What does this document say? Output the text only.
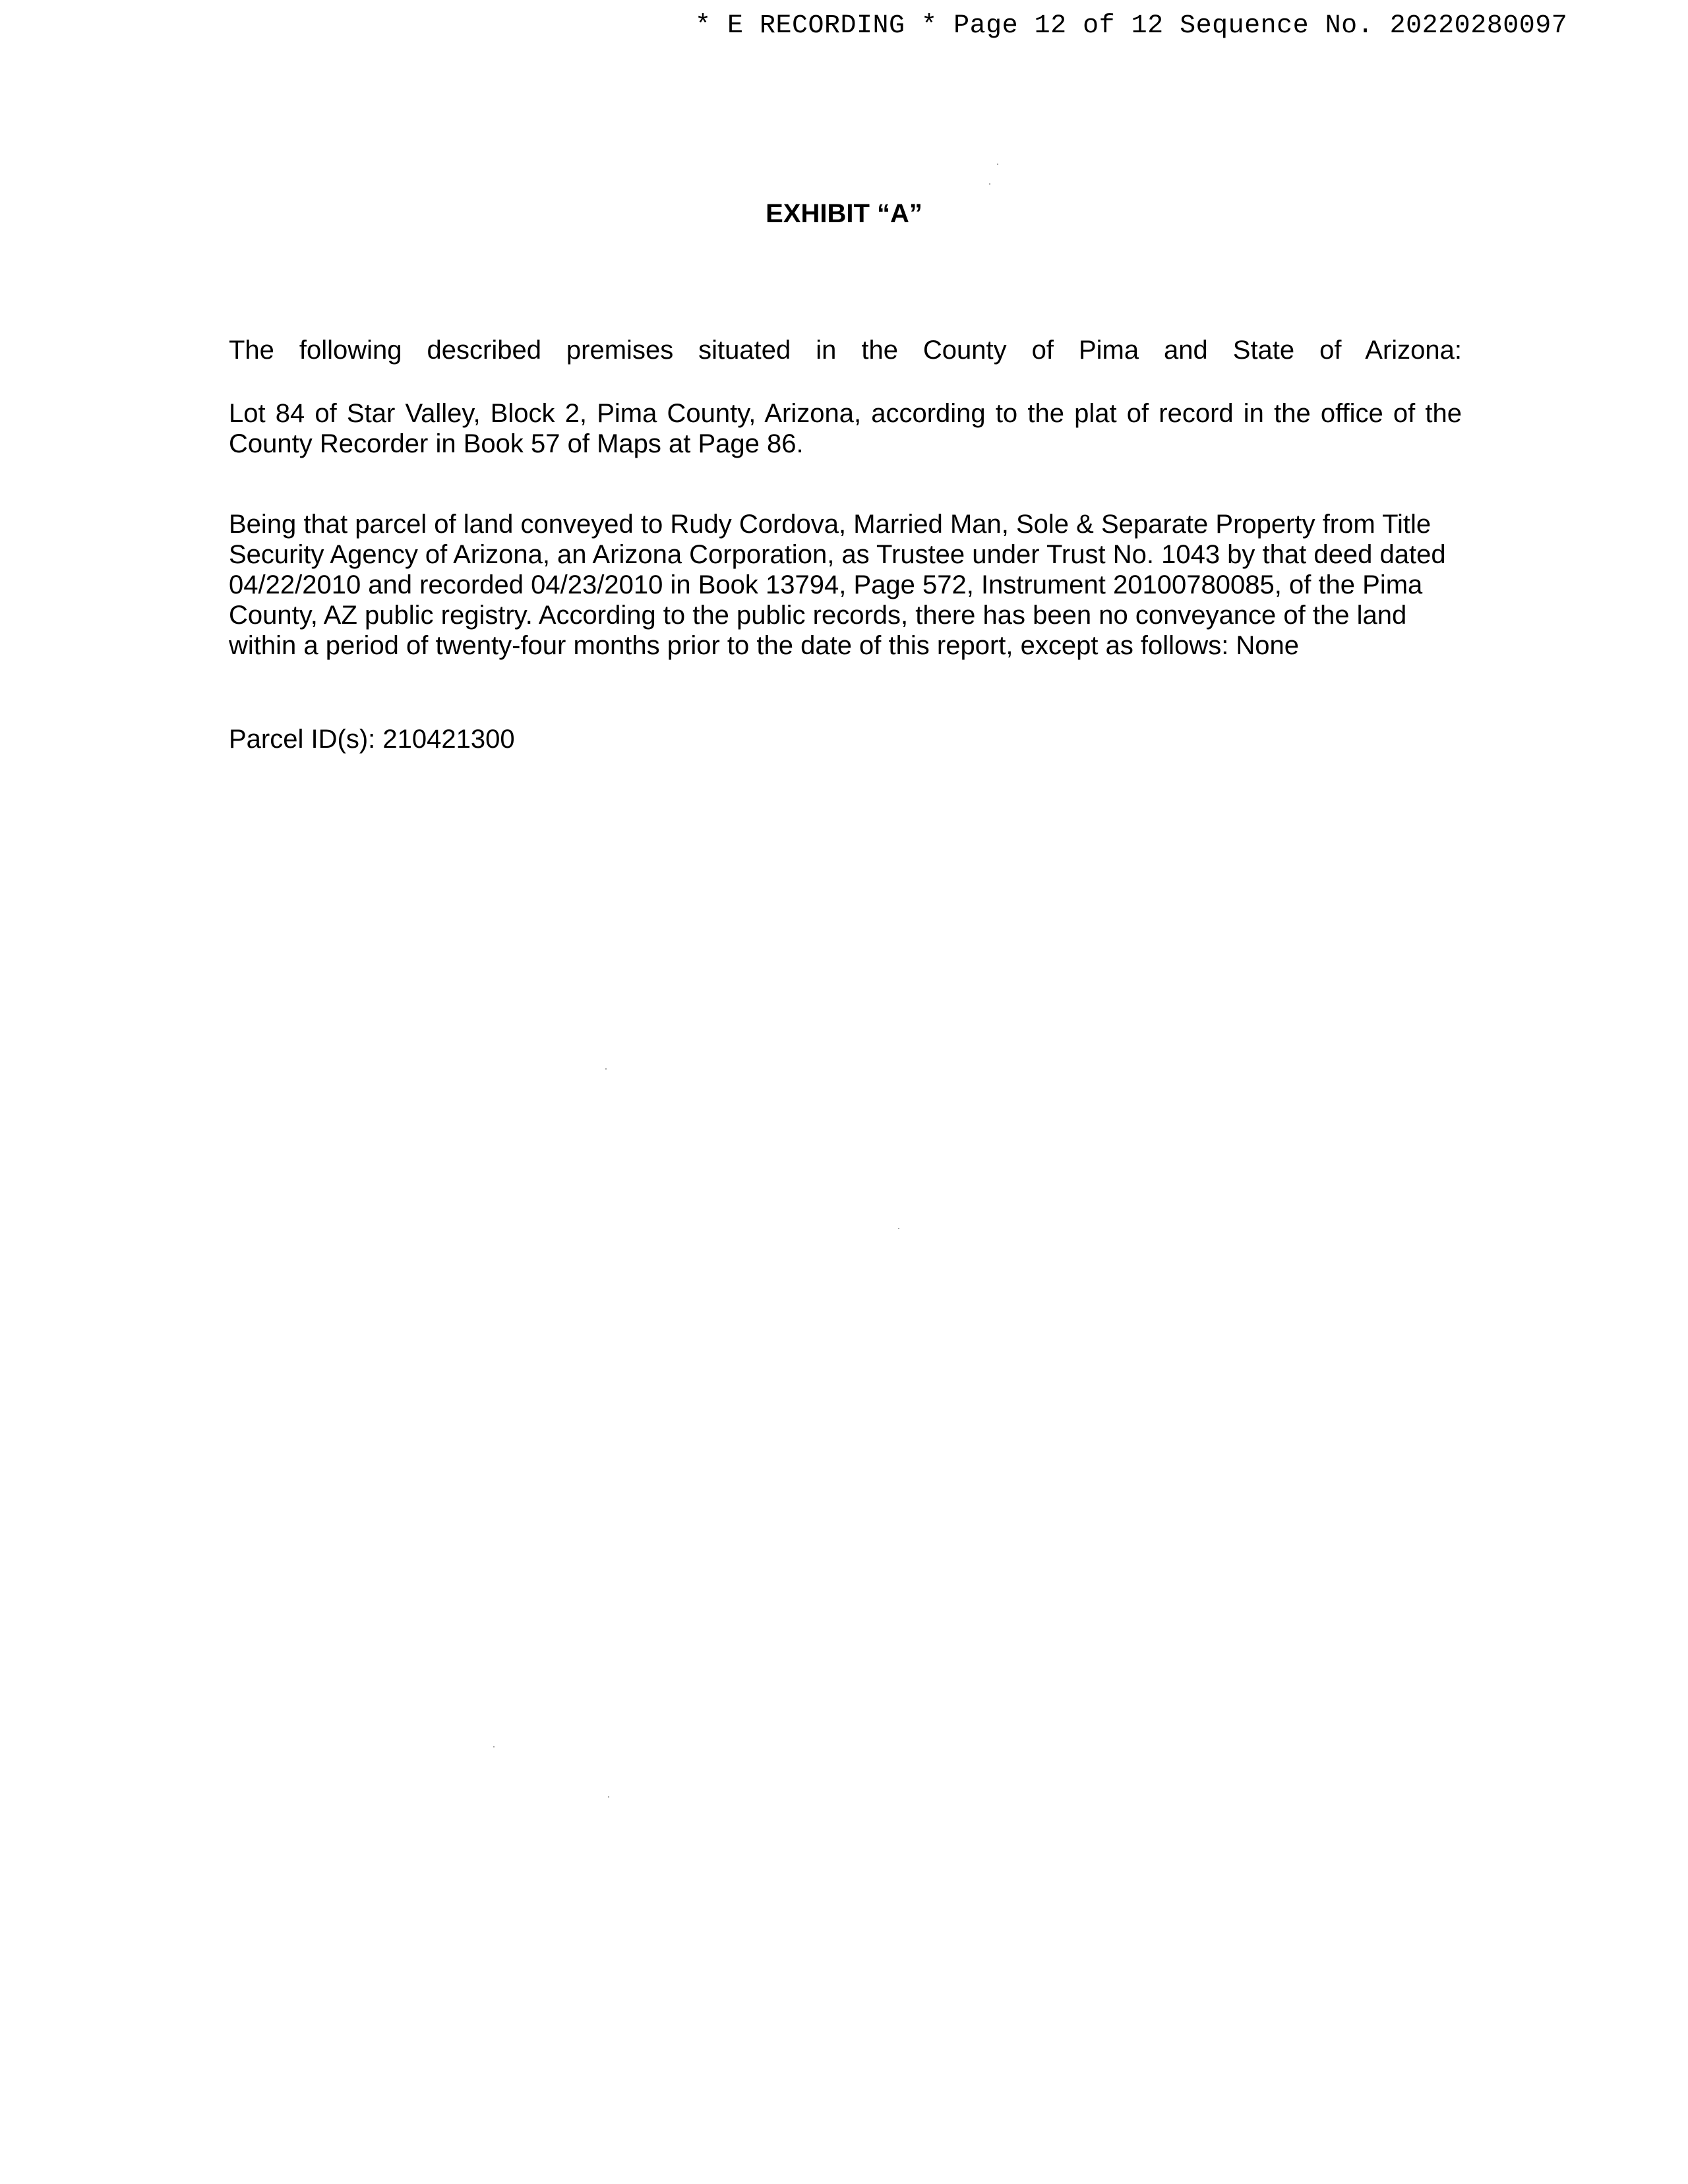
* E RECORDING * Page 12 of 12 Sequence No. 20220280097
EXHIBIT “A”

The following described premises situated in the County of Pima and State of Arizona:

Lot 84 of Star Valley, Block 2, Pima County, Arizona, according to the plat of record in the office of the County Recorder in Book 57 of Maps at Page 86.

Being that parcel of land conveyed to Rudy Cordova, Married Man, Sole & Separate Property from Title Security Agency of Arizona, an Arizona Corporation, as Trustee under Trust No. 1043 by that deed dated 04/22/2010 and recorded 04/23/2010 in Book 13794, Page 572, Instrument 20100780085, of the Pima County, AZ public registry. According to the public records, there has been no conveyance of the land within a period of twenty-four months prior to the date of this report, except as follows: None

Parcel ID(s): 210421300
